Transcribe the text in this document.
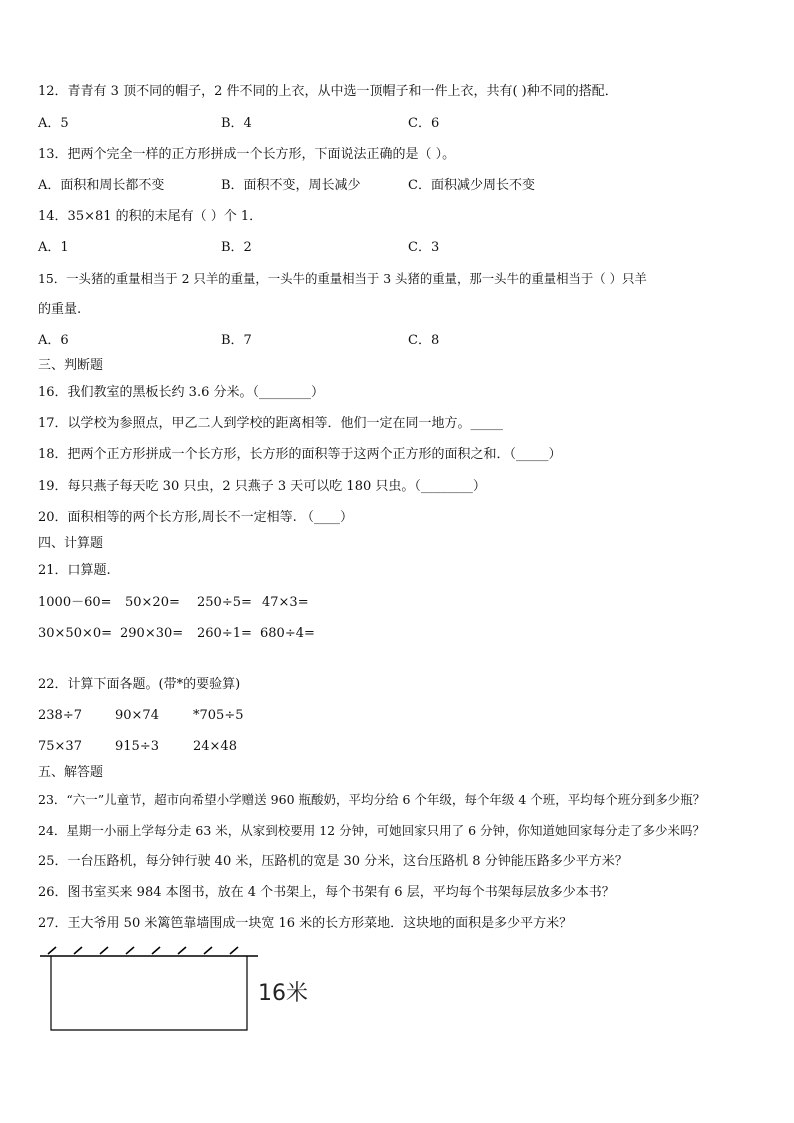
12．青青有 3 顶不同的帽子，2 件不同的上衣，从中选一顶帽子和一件上衣，共有( )种不同的搭配．
A．5	B．4	C．6
13．把两个完全一样的正方形拼成一个长方形，下面说法正确的是（ ）。
A．面积和周长都不变	B．面积不变，周长减少	C．面积减少周长不变
14．35×81 的积的末尾有（ ）个 1．
A．1	B．2	C．3
15．一头猪的重量相当于 2 只羊的重量，一头牛的重量相当于 3 头猪的重量，那一头牛的重量相当于（ ）只羊
的重量.
A．6	B．7	C．8
三、判断题
16．我们教室的黑板长约 3.6 分米。（________）
17．以学校为参照点，甲乙二人到学校的距离相等．他们一定在同一地方。_____
18．把两个正方形拼成一个长方形，长方形的面积等于这两个正方形的面积之和．（_____）
19．每只燕子每天吃 30 只虫，2 只燕子 3 天可以吃 180 只虫。（________）
20．面积相等的两个长方形,周长不一定相等. （____）
四、计算题
21．口算题.
1000－60= 50×20= 250÷5= 47×3=
30×50×0= 290×30= 260÷1= 680÷4=
22．计算下面各题。(带*的要验算)
238÷7	90×74	*705÷5
75×37	915÷3	24×48
五、解答题
23．“六一”儿童节，超市向希望小学赠送 960 瓶酸奶，平均分给 6 个年级，每个年级 4 个班，平均每个班分到多少瓶？
24．星期一小丽上学每分走 63 米，从家到校要用 12 分钟，可她回家只用了 6 分钟，你知道她回家每分走了多少米吗？
25．一台压路机，每分钟行驶 40 米，压路机的宽是 30 分米，这台压路机 8 分钟能压路多少平方米？
26．图书室买来 984 本图书，放在 4 个书架上，每个书架有 6 层，平均每个书架每层放多少本书？
27．王大爷用 50 米篱笆靠墙围成一块宽 16 米的长方形菜地．这块地的面积是多少平方米？
16米
